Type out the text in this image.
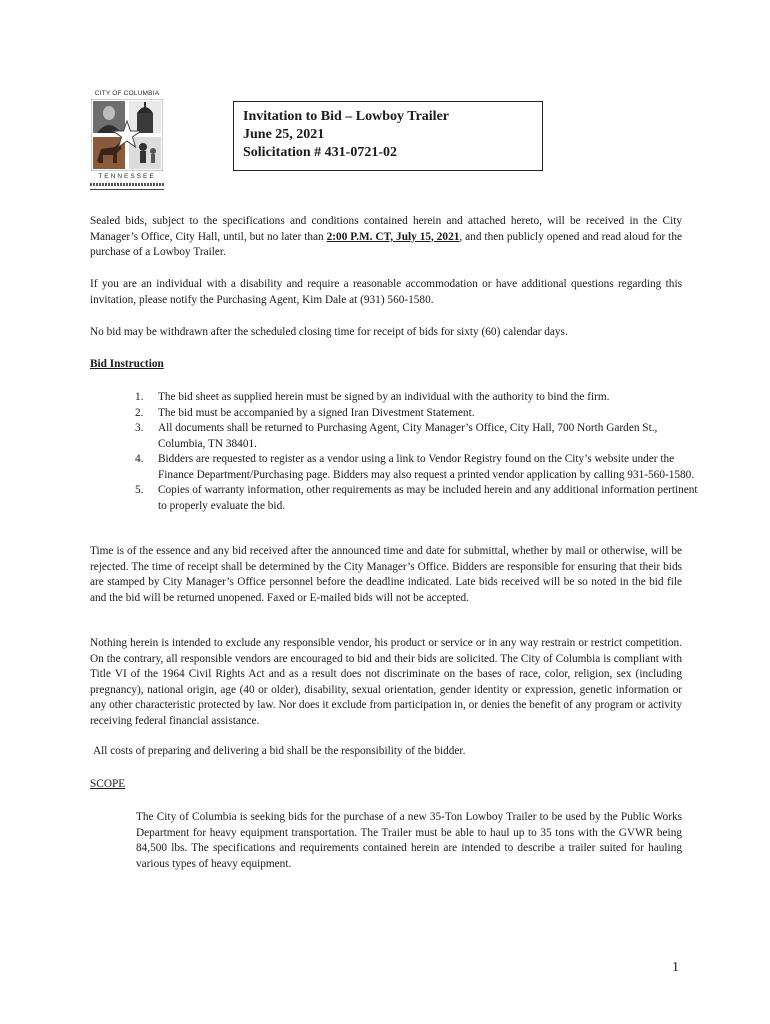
CITY OF COLUMBIA
TENNESSEE
Invitation to Bid – Lowboy Trailer
June 25, 2021
Solicitation # 431-0721-02

Sealed bids, subject to the specifications and conditions contained herein and attached hereto, will be received in the City Manager’s Office, City Hall, until, but no later than 2:00 P.M. CT, July 15, 2021, and then publicly opened and read aloud for the purchase of a Lowboy Trailer.

If you are an individual with a disability and require a reasonable accommodation or have additional questions regarding this invitation, please notify the Purchasing Agent, Kim Dale at (931) 560-1580.

No bid may be withdrawn after the scheduled closing time for receipt of bids for sixty (60) calendar days.

Bid Instruction
1. The bid sheet as supplied herein must be signed by an individual with the authority to bind the firm.
2. The bid must be accompanied by a signed Iran Divestment Statement.
3. All documents shall be returned to Purchasing Agent, City Manager’s Office, City Hall, 700 North Garden St., Columbia, TN 38401.
4. Bidders are requested to register as a vendor using a link to Vendor Registry found on the City’s website under the Finance Department/Purchasing page. Bidders may also request a printed vendor application by calling 931-560-1580.
5. Copies of warranty information, other requirements as may be included herein and any additional information pertinent to properly evaluate the bid.

Time is of the essence and any bid received after the announced time and date for submittal, whether by mail or otherwise, will be rejected. The time of receipt shall be determined by the City Manager’s Office. Bidders are responsible for ensuring that their bids are stamped by City Manager’s Office personnel before the deadline indicated. Late bids received will be so noted in the bid file and the bid will be returned unopened. Faxed or E-mailed bids will not be accepted.

Nothing herein is intended to exclude any responsible vendor, his product or service or in any way restrain or restrict competition. On the contrary, all responsible vendors are encouraged to bid and their bids are solicited. The City of Columbia is compliant with Title VI of the 1964 Civil Rights Act and as a result does not discriminate on the bases of race, color, religion, sex (including pregnancy), national origin, age (40 or older), disability, sexual orientation, gender identity or expression, genetic information or any other characteristic protected by law. Nor does it exclude from participation in, or denies the benefit of any program or activity receiving federal financial assistance.

All costs of preparing and delivering a bid shall be the responsibility of the bidder.

SCOPE

The City of Columbia is seeking bids for the purchase of a new 35-Ton Lowboy Trailer to be used by the Public Works Department for heavy equipment transportation. The Trailer must be able to haul up to 35 tons with the GVWR being 84,500 lbs. The specifications and requirements contained herein are intended to describe a trailer suited for hauling various types of heavy equipment.

1
